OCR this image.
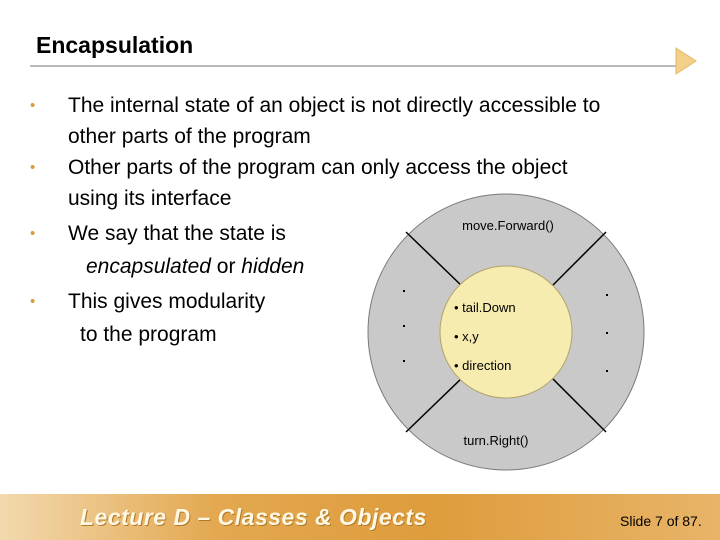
Encapsulation
•	The internal state of an object is not directly accessible to
other parts of the program
•	Other parts of the program can only access the object
using its interface
•	We say that the state is
encapsulated or hidden
•	This gives modularity
to the program
move.Forward()
turn.Right()
• tail.Down
• x,y
• direction
Lecture D – Classes & Objects	Slide 7 of 87.
